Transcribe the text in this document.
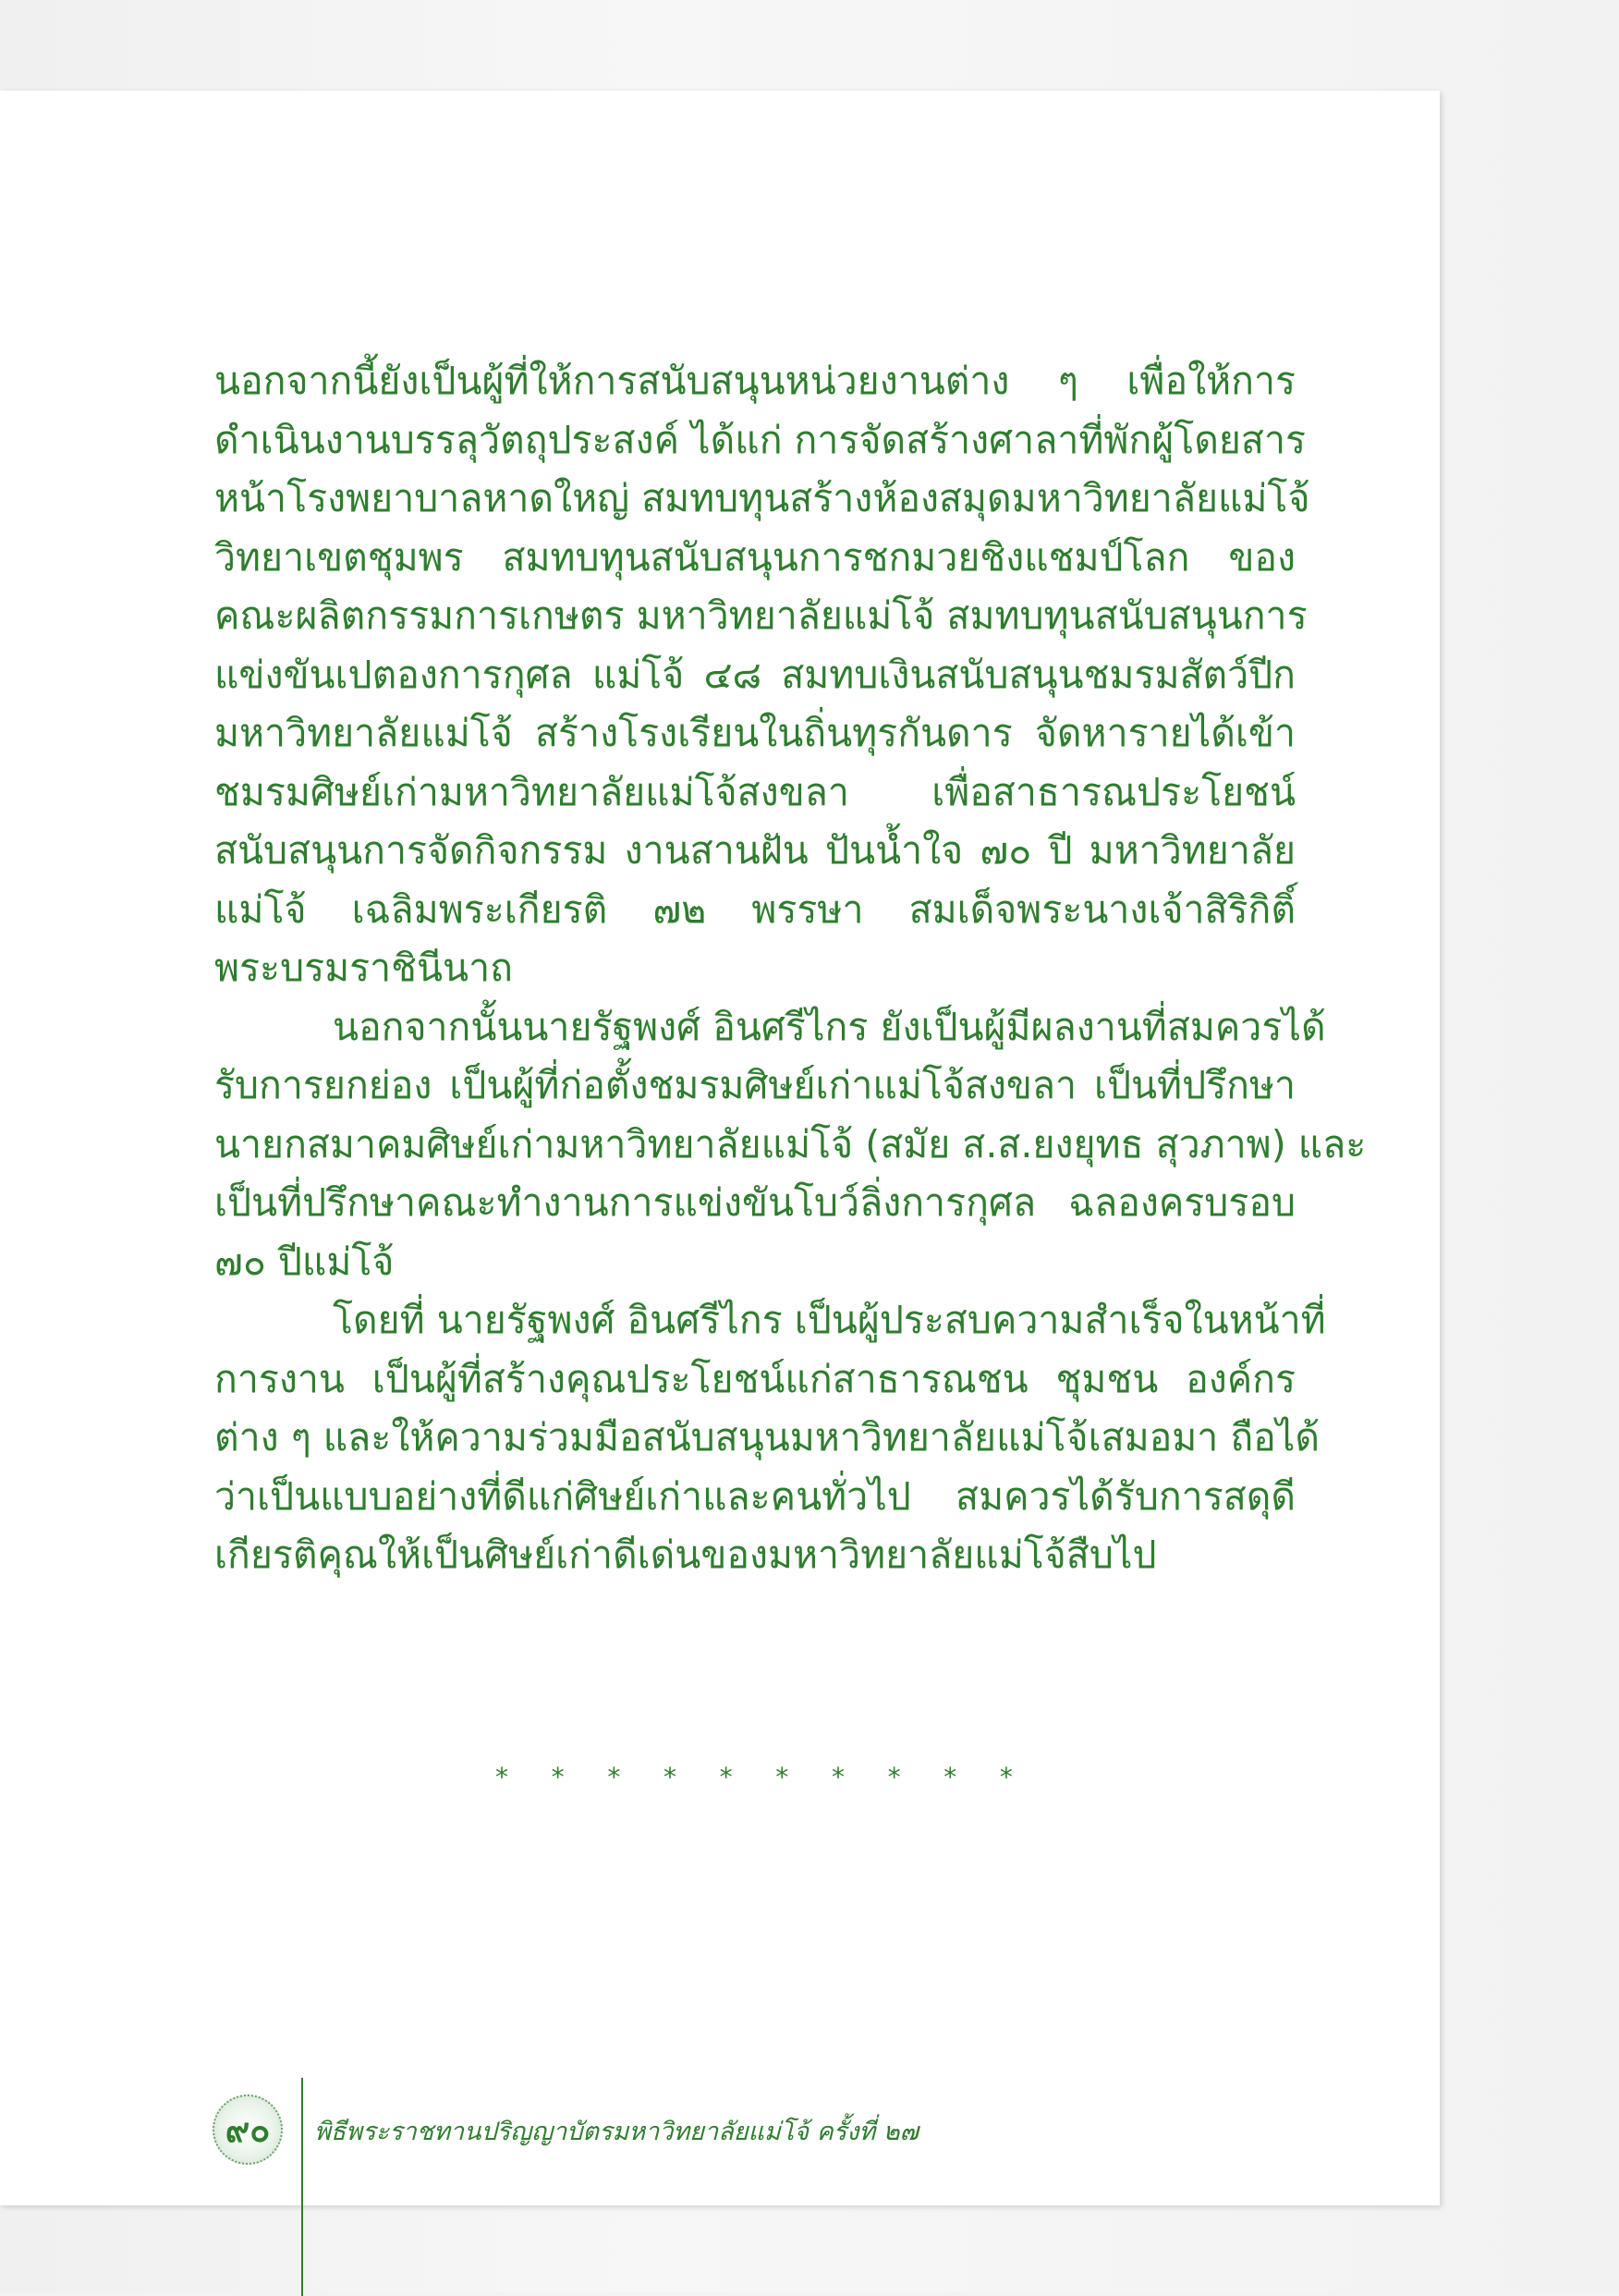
นอกจากนี้ยังเป็นผู้ที่ให้การสนับสนุนหน่วยงานต่าง ๆ เพื่อให้การ
ดำเนินงานบรรลุวัตถุประสงค์ ได้แก่ การจัดสร้างศาลาที่พักผู้โดยสาร
หน้าโรงพยาบาลหาดใหญ่ สมทบทุนสร้างห้องสมุดมหาวิทยาลัยแม่โจ้
วิทยาเขตชุมพร สมทบทุนสนับสนุนการชกมวยชิงแชมป์โลก ของ
คณะผลิตกรรมการเกษตร มหาวิทยาลัยแม่โจ้ สมทบทุนสนับสนุนการ
แข่งขันเปตองการกุศล แม่โจ้ ๔๘ สมทบเงินสนับสนุนชมรมสัตว์ปีก
มหาวิทยาลัยแม่โจ้ สร้างโรงเรียนในถิ่นทุรกันดาร จัดหารายได้เข้า
ชมรมศิษย์เก่ามหาวิทยาลัยแม่โจ้สงขลา เพื่อสาธารณประโยชน์
สนับสนุนการจัดกิจกรรม งานสานฝัน ปันน้ำใจ ๗๐ ปี มหาวิทยาลัย
แม่โจ้ เฉลิมพระเกียรติ ๗๒ พรรษา สมเด็จพระนางเจ้าสิริกิติ์
พระบรมราชินีนาถ
นอกจากนั้นนายรัฐพงศ์ อินศรีไกร ยังเป็นผู้มีผลงานที่สมควรได้
รับการยกย่อง เป็นผู้ที่ก่อตั้งชมรมศิษย์เก่าแม่โจ้สงขลา เป็นที่ปรึกษา
นายกสมาคมศิษย์เก่ามหาวิทยาลัยแม่โจ้ (สมัย ส.ส.ยงยุทธ สุวภาพ) และ
เป็นที่ปรึกษาคณะทำงานการแข่งขันโบว์ลิ่งการกุศล ฉลองครบรอบ
๗๐ ปีแม่โจ้
โดยที่ นายรัฐพงศ์ อินศรีไกร เป็นผู้ประสบความสำเร็จในหน้าที่
การงาน เป็นผู้ที่สร้างคุณประโยชน์แก่สาธารณชน ชุมชน องค์กร
ต่าง ๆ และให้ความร่วมมือสนับสนุนมหาวิทยาลัยแม่โจ้เสมอมา ถือได้
ว่าเป็นแบบอย่างที่ดีแก่ศิษย์เก่าและคนทั่วไป สมควรได้รับการสดุดี
เกียรติคุณให้เป็นศิษย์เก่าดีเด่นของมหาวิทยาลัยแม่โจ้สืบไป
* * * * * * * * * *
๙๐ พิธีพระราชทานปริญญาบัตรมหาวิทยาลัยแม่โจ้ ครั้งที่ ๒๗
